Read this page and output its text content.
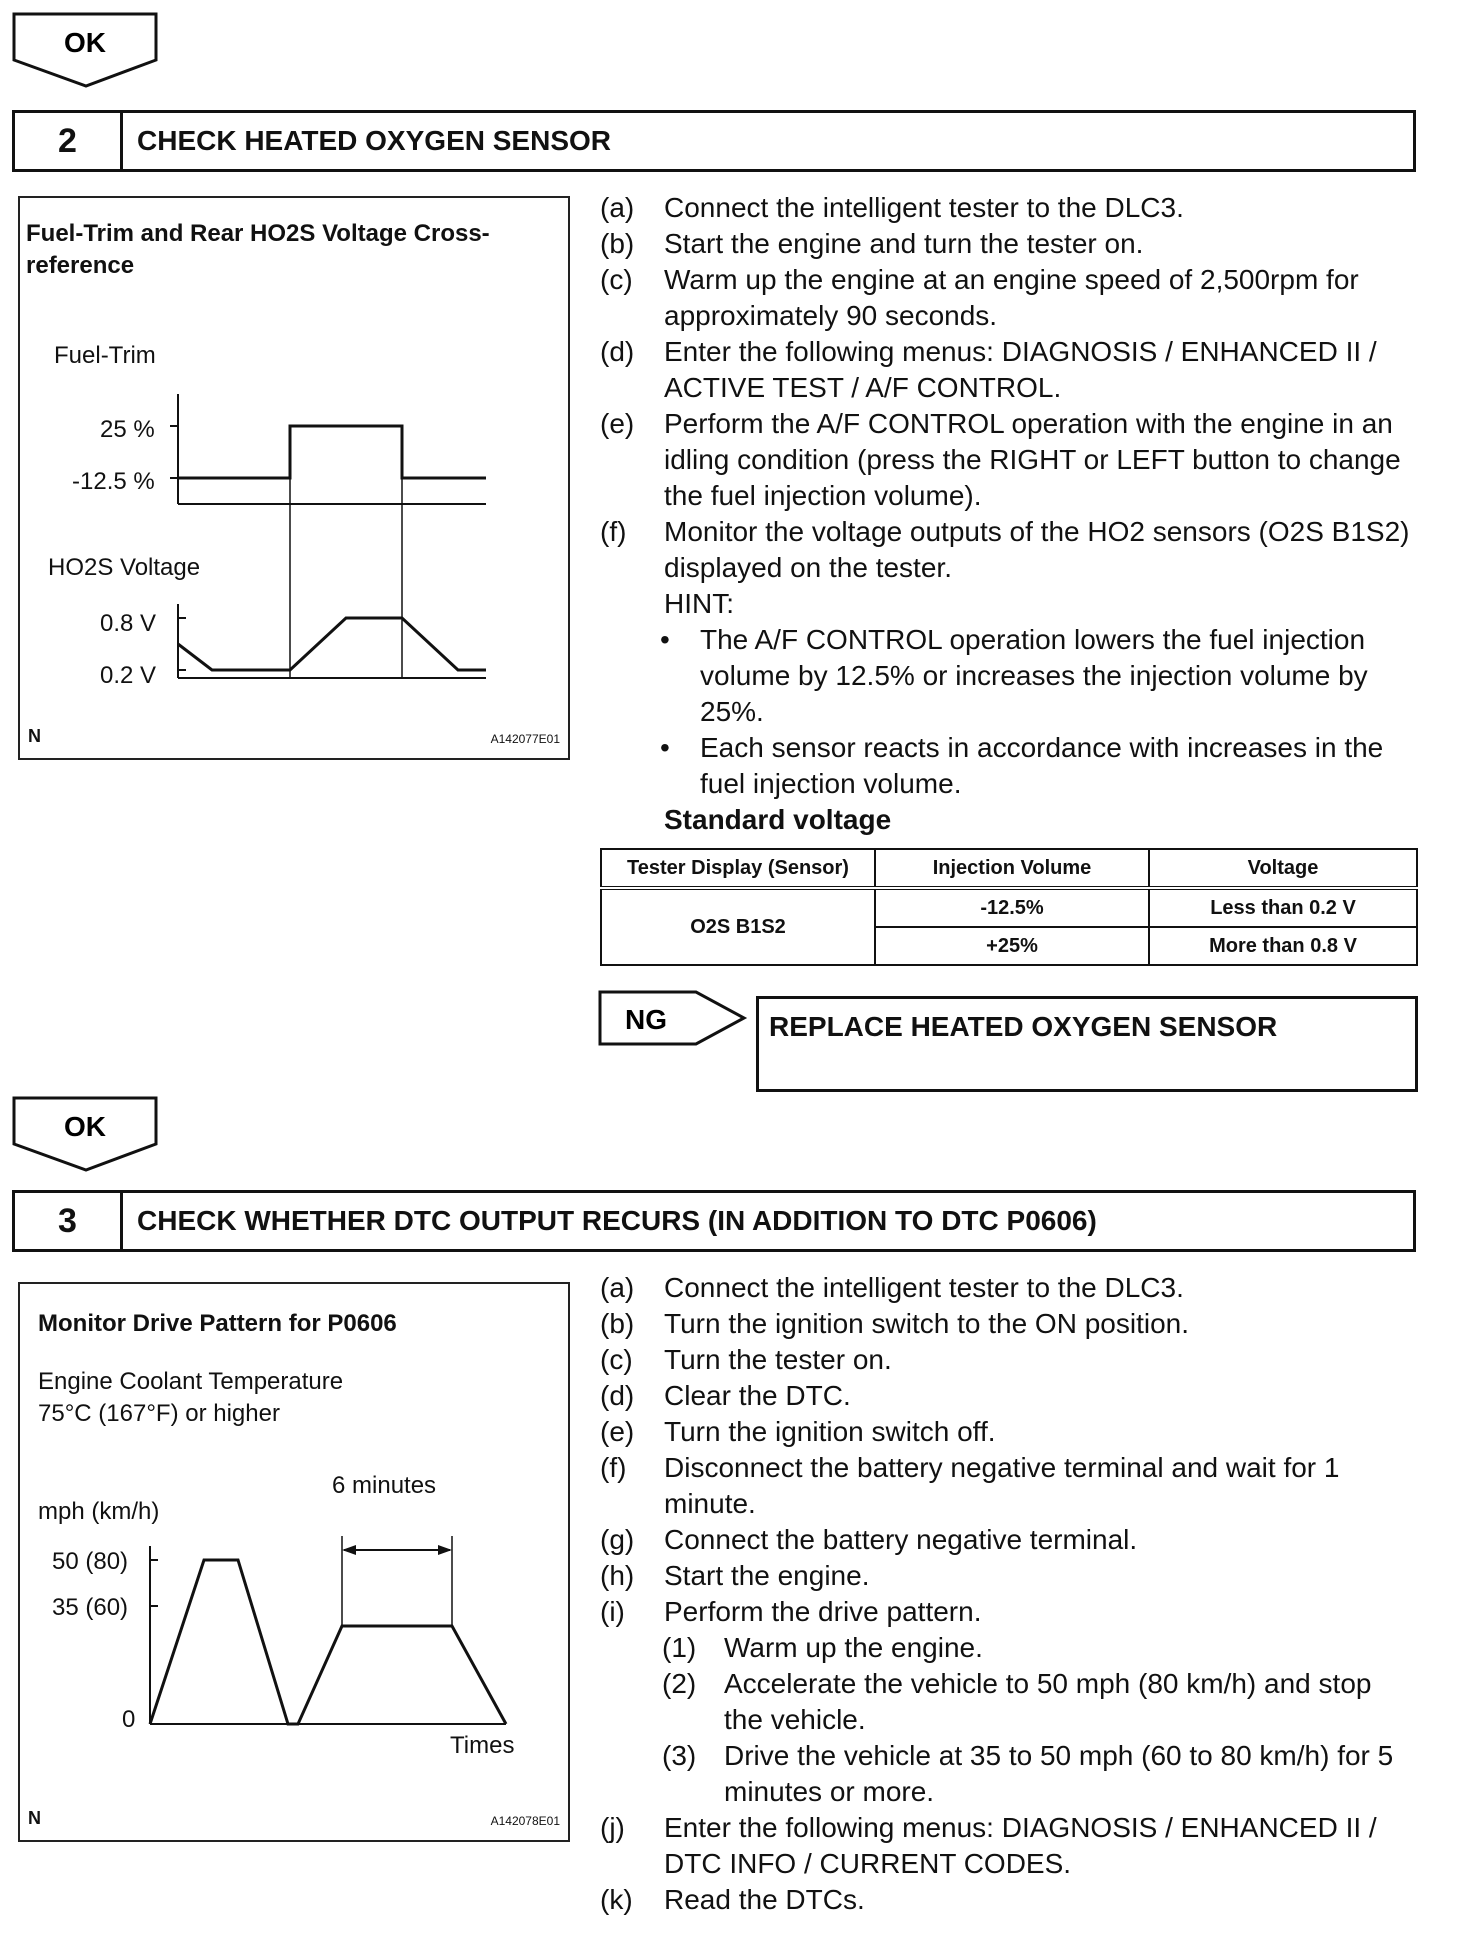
OK
2	CHECK HEATED OXYGEN SENSOR
Fuel-Trim and Rear HO2S Voltage Cross-reference
Fuel-Trim
25 %
-12.5 %
HO2S Voltage
0.8 V
0.2 V
N	A142077E01
(a) Connect the intelligent tester to the DLC3.
(b) Start the engine and turn the tester on.
(c) Warm up the engine at an engine speed of 2,500rpm for approximately 90 seconds.
(d) Enter the following menus: DIAGNOSIS / ENHANCED II / ACTIVE TEST / A/F CONTROL.
(e) Perform the A/F CONTROL operation with the engine in an idling condition (press the RIGHT or LEFT button to change the fuel injection volume).
(f) Monitor the voltage outputs of the HO2 sensors (O2S B1S2) displayed on the tester.
HINT:
• The A/F CONTROL operation lowers the fuel injection volume by 12.5% or increases the injection volume by 25%.
• Each sensor reacts in accordance with increases in the fuel injection volume.
Standard voltage
Tester Display (Sensor)	Injection Volume	Voltage
O2S B1S2	-12.5%	Less than 0.2 V
	+25%	More than 0.8 V
NG	REPLACE HEATED OXYGEN SENSOR
OK
3	CHECK WHETHER DTC OUTPUT RECURS (IN ADDITION TO DTC P0606)
Monitor Drive Pattern for P0606
Engine Coolant Temperature
75°C (167°F) or higher
6 minutes
mph (km/h)
50 (80)
35 (60)
0
Times
N	A142078E01
(a) Connect the intelligent tester to the DLC3.
(b) Turn the ignition switch to the ON position.
(c) Turn the tester on.
(d) Clear the DTC.
(e) Turn the ignition switch off.
(f) Disconnect the battery negative terminal and wait for 1 minute.
(g) Connect the battery negative terminal.
(h) Start the engine.
(i) Perform the drive pattern.
(1) Warm up the engine.
(2) Accelerate the vehicle to 50 mph (80 km/h) and stop the vehicle.
(3) Drive the vehicle at 35 to 50 mph (60 to 80 km/h) for 5 minutes or more.
(j) Enter the following menus: DIAGNOSIS / ENHANCED II / DTC INFO / CURRENT CODES.
(k) Read the DTCs.
